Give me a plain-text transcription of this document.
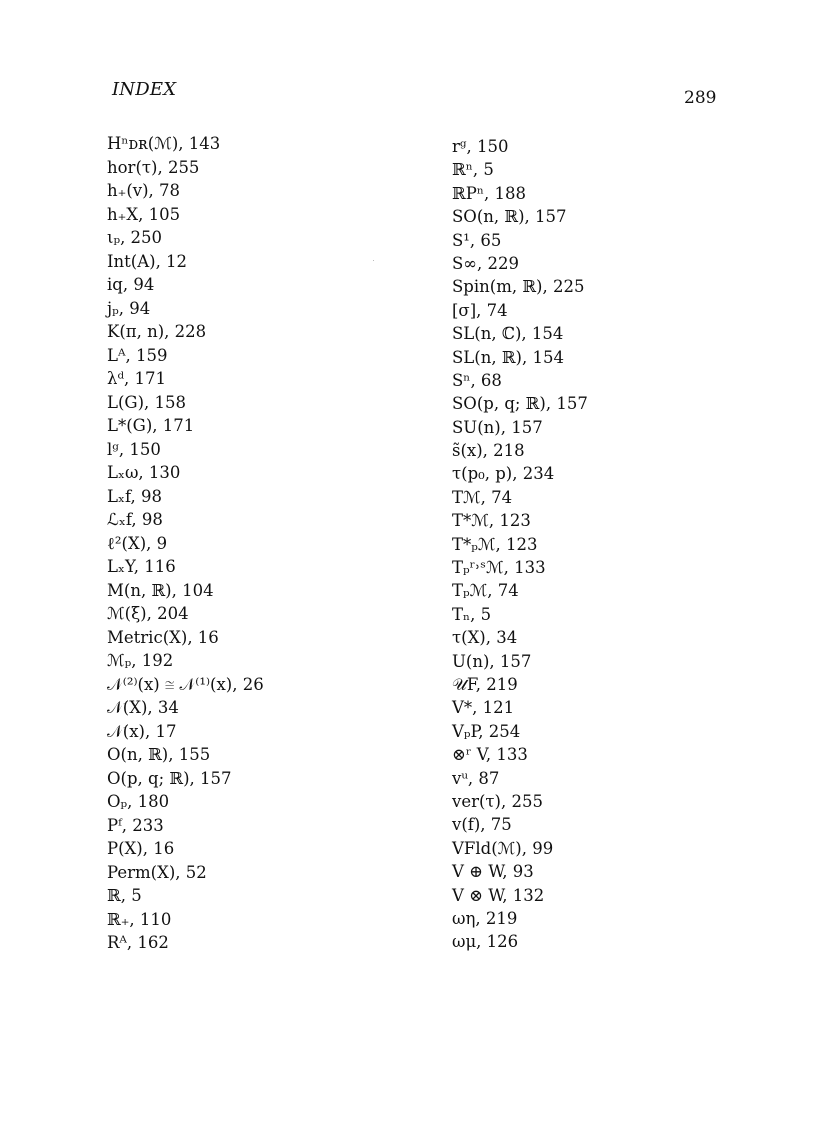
INDEX	289
Hⁿᴅʀ(ℳ), 143
hor(τ), 255
h₊(v), 78
h₊X, 105
ιₚ, 250
Int(A), 12
iq, 94
jₚ, 94
K(π, n), 228
Lᴬ, 159
λᵈ, 171
L(G), 158
L*(G), 171
lᵍ, 150
Lₓω, 130
Lₓf, 98
ℒₓf, 98
ℓ²(X), 9
LₓY, 116
M(n, ℝ), 104
ℳ(ξ), 204
Metric(X), 16
ℳₚ, 192
𝒩⁽²⁾(x) ≅ 𝒩⁽¹⁾(x), 26
𝒩(X), 34
𝒩(x), 17
O(n, ℝ), 155
O(p, q; ℝ), 157
Oₚ, 180
Pᶠ, 233
P(X), 16
Perm(X), 52
ℝ, 5
ℝ₊, 110
Rᴬ, 162
rᵍ, 150
ℝⁿ, 5
ℝPⁿ, 188
SO(n, ℝ), 157
S¹, 65
S∞, 229
Spin(m, ℝ), 225
[σ], 74
SL(n, ℂ), 154
SL(n, ℝ), 154
Sⁿ, 68
SO(p, q; ℝ), 157
SU(n), 157
s̃(x), 218
τ(p₀, p), 234
Tℳ, 74
T*ℳ, 123
T*ₚℳ, 123
Tₚʳ˒ˢℳ, 133
Tₚℳ, 74
Tₙ, 5
τ(X), 34
U(n), 157
𝒰F, 219
V*, 121
VₚP, 254
⊗ʳ V, 133
vᵘ, 87
ver(τ), 255
v(f), 75
VFld(ℳ), 99
V ⊕ W, 93
V ⊗ W, 132
ωη, 219
ωμ, 126
